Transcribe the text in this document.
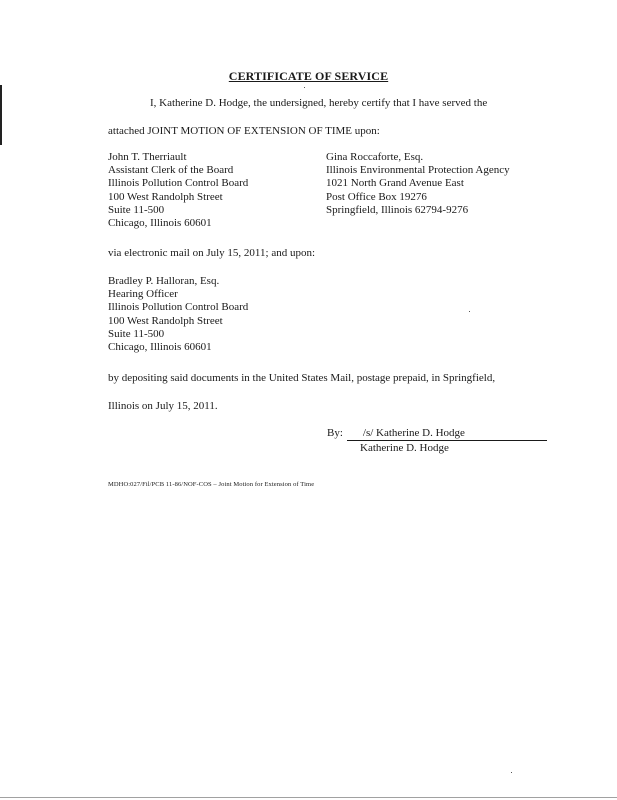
CERTIFICATE OF SERVICE
I, Katherine D. Hodge, the undersigned, hereby certify that I have served the
attached JOINT MOTION OF EXTENSION OF TIME upon:
John T. Therriault
Assistant Clerk of the Board
Illinois Pollution Control Board
100 West Randolph Street
Suite 11-500
Chicago, Illinois 60601
Gina Roccaforte, Esq.
Illinois Environmental Protection Agency
1021 North Grand Avenue East
Post Office Box 19276
Springfield, Illinois 62794-9276
via electronic mail on July 15, 2011; and upon:
Bradley P. Halloran, Esq.
Hearing Officer
Illinois Pollution Control Board
100 West Randolph Street
Suite 11-500
Chicago, Illinois 60601
by depositing said documents in the United States Mail, postage prepaid, in Springfield,
Illinois on July 15, 2011.
By: /s/ Katherine D. Hodge
Katherine D. Hodge
MDHO:027/Fil/PCB 11-86/NOF-COS – Joint Motion for Extension of Time
